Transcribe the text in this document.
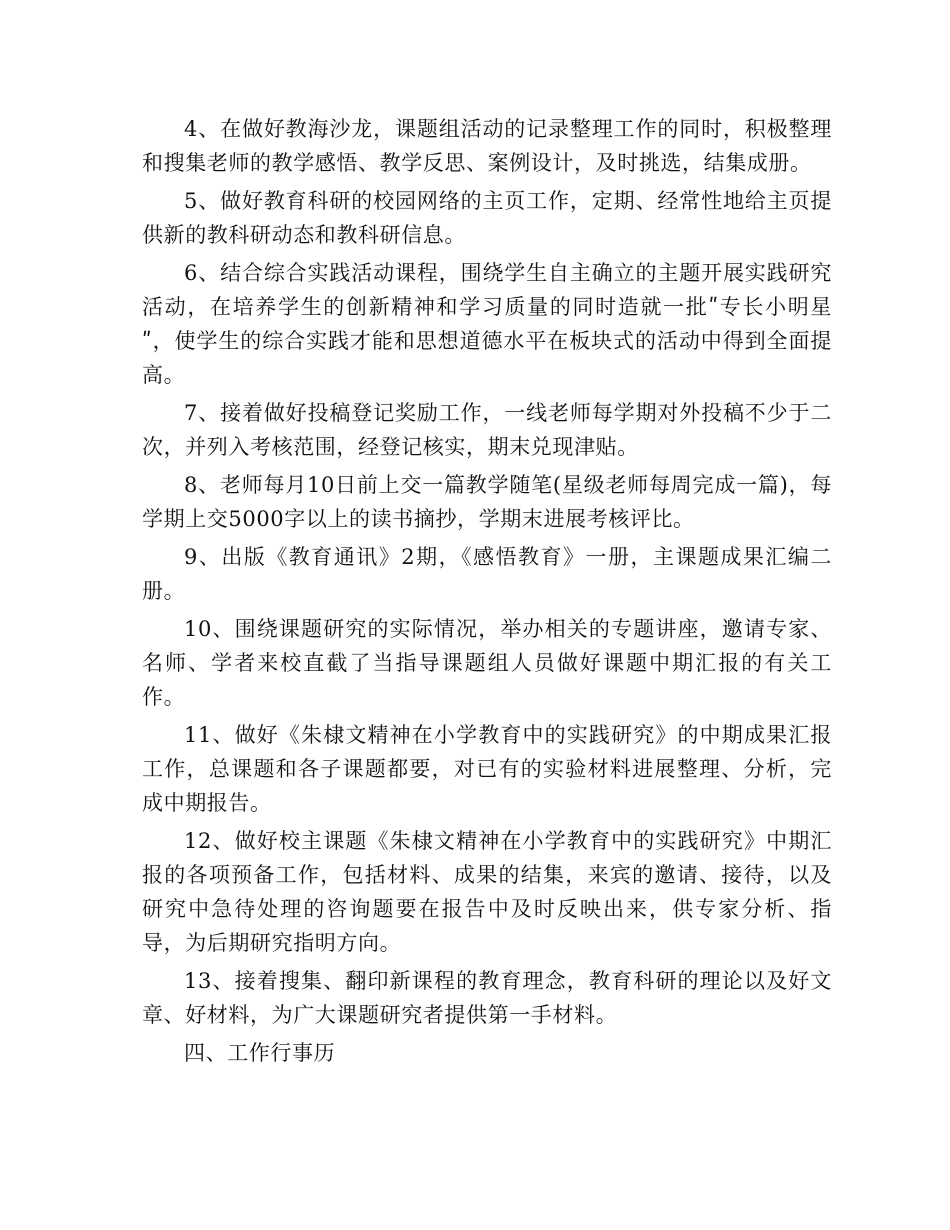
4、在做好教海沙龙，课题组活动的记录整理工作的同时，积极整理和搜集老师的教学感悟、教学反思、案例设计，及时挑选，结集成册。

5、做好教育科研的校园网络的主页工作，定期、经常性地给主页提供新的教科研动态和教科研信息。

6、结合综合实践活动课程，围绕学生自主确立的主题开展实践研究活动，在培养学生的创新精神和学习质量的同时造就一批ʺ专长小明星ʺ，使学生的综合实践才能和思想道德水平在板块式的活动中得到全面提高。

7、接着做好投稿登记奖励工作，一线老师每学期对外投稿不少于二次，并列入考核范围，经登记核实，期末兑现津贴。

8、老师每月10日前上交一篇教学随笔(星级老师每周完成一篇)，每学期上交5000字以上的读书摘抄，学期末进展考核评比。

9、出版《教育通讯》2期，《感悟教育》一册，主课题成果汇编二册。

10、围绕课题研究的实际情况，举办相关的专题讲座，邀请专家、名师、学者来校直截了当指导课题组人员做好课题中期汇报的有关工作。

11、做好《朱棣文精神在小学教育中的实践研究》的中期成果汇报工作，总课题和各子课题都要，对已有的实验材料进展整理、分析，完成中期报告。

12、做好校主课题《朱棣文精神在小学教育中的实践研究》中期汇报的各项预备工作，包括材料、成果的结集，来宾的邀请、接待，以及研究中急待处理的咨询题要在报告中及时反映出来，供专家分析、指导，为后期研究指明方向。

13、接着搜集、翻印新课程的教育理念，教育科研的理论以及好文章、好材料，为广大课题研究者提供第一手材料。

四、工作行事历
